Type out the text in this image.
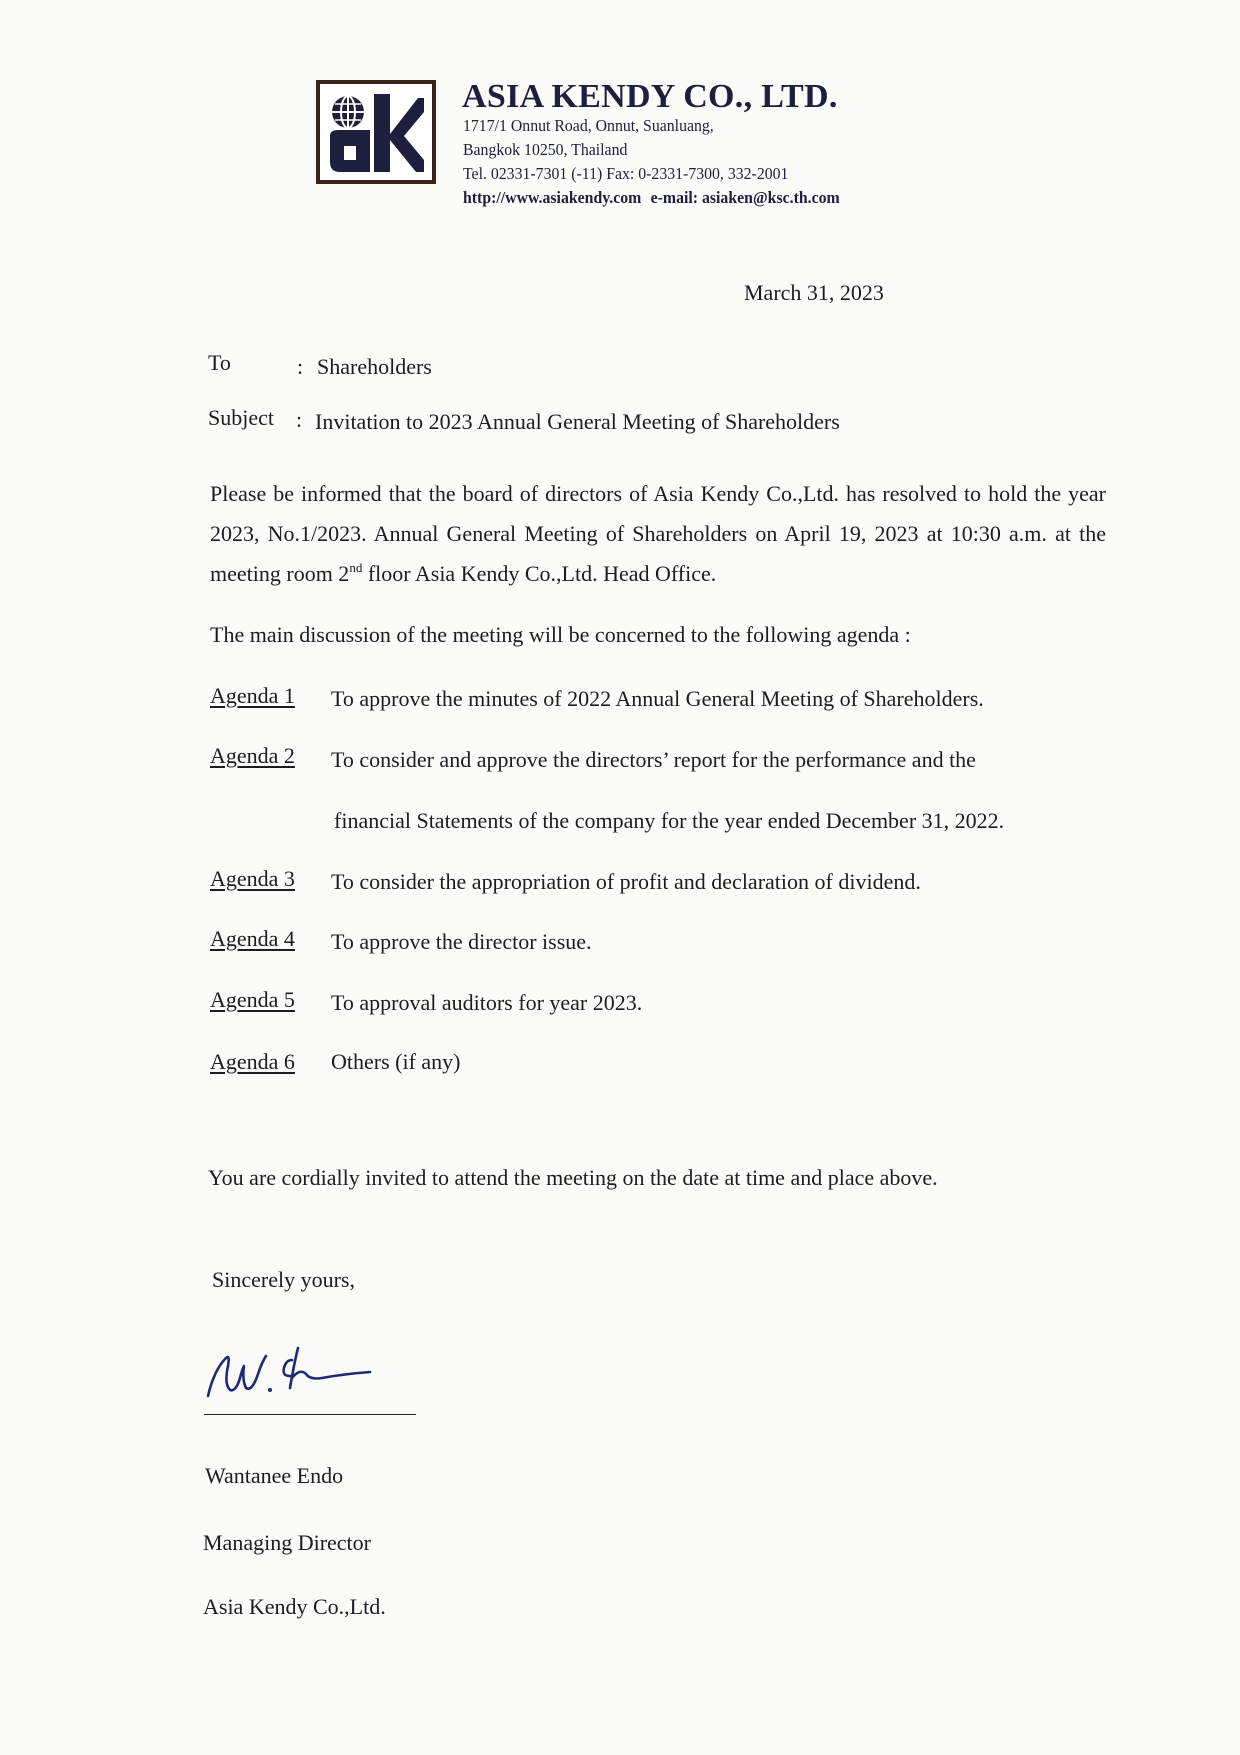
ASIA KENDY CO., LTD.
1717/1 Onnut Road, Onnut, Suanluang,
Bangkok 10250, Thailand
Tel. 02331-7301 (-11) Fax: 0-2331-7300, 332-2001
http://www.asiakendy.com e-mail: asiaken@ksc.th.com
March 31, 2023
To	: Shareholders
Subject : Invitation to 2023 Annual General Meeting of Shareholders
Please be informed that the board of directors of Asia Kendy Co.,Ltd. has resolved to hold the year 2023, No.1/2023. Annual General Meeting of Shareholders on April 19, 2023 at 10:30 a.m. at the meeting room 2nd floor Asia Kendy Co.,Ltd. Head Office.
The main discussion of the meeting will be concerned to the following agenda :
Agenda 1 To approve the minutes of 2022 Annual General Meeting of Shareholders.
Agenda 2 To consider and approve the directors’ report for the performance and the
financial Statements of the company for the year ended December 31, 2022.
Agenda 3 To consider the appropriation of profit and declaration of dividend.
Agenda 4 To approve the director issue.
Agenda 5 To approval auditors for year 2023.
Agenda 6 Others (if any)
You are cordially invited to attend the meeting on the date at time and place above.
Sincerely yours,
Wantanee Endo
Managing Director
Asia Kendy Co.,Ltd.
